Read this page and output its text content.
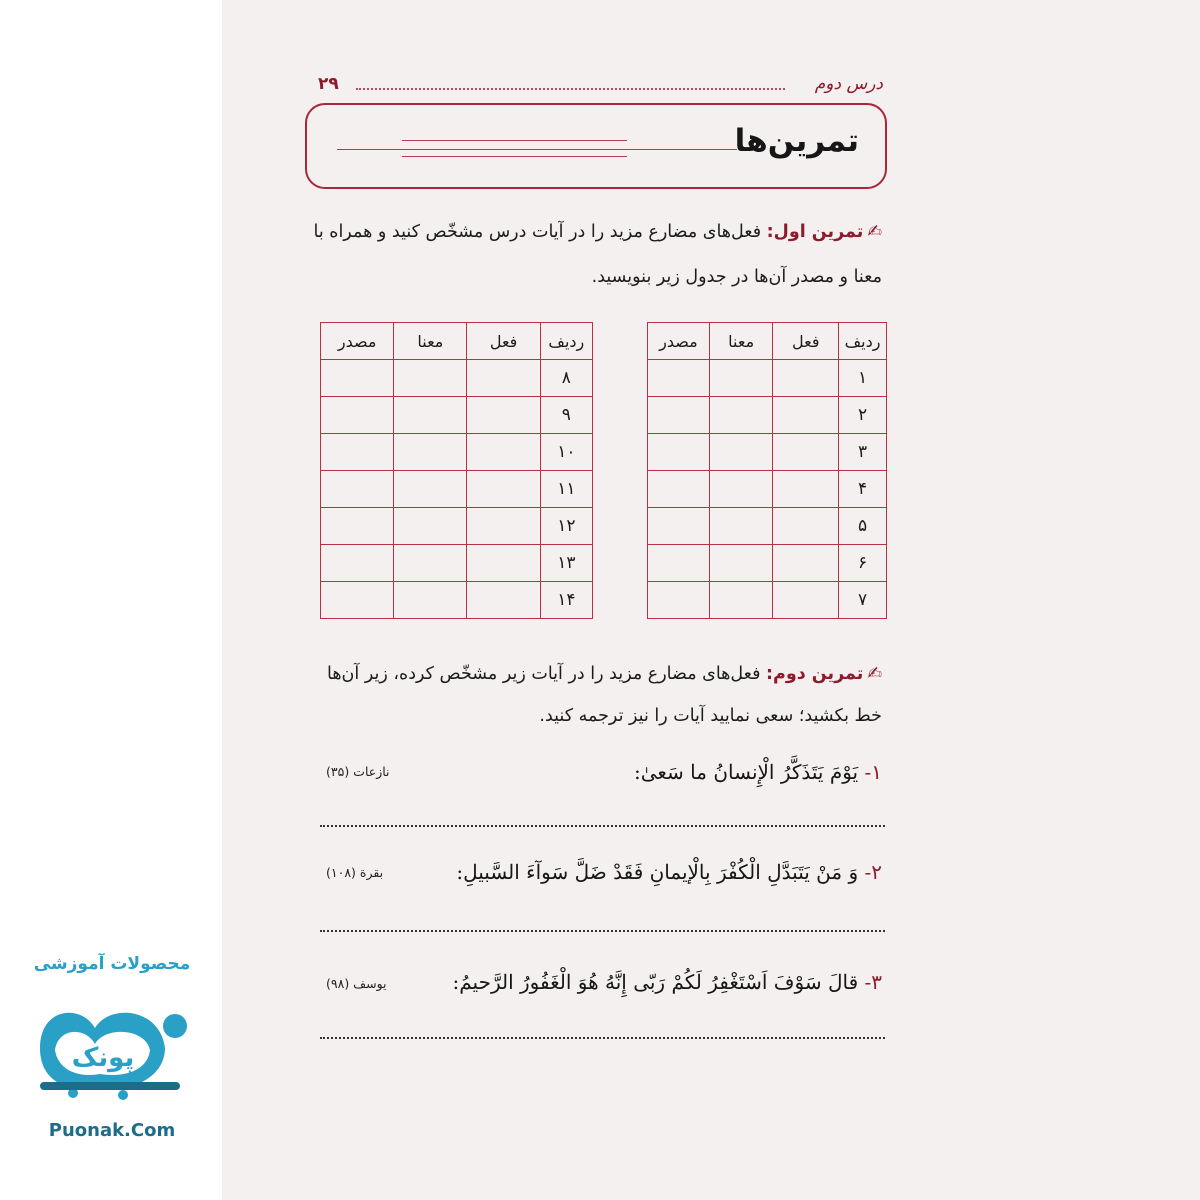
درس دوم
۲۹
تمرین‌ها
✍تمرین اول: فعل‌های مضارع مزید را در آیات درس مشخّص کنید و همراه با
معنا و مصدر آن‌ها در جدول زیر بنویسید.
ردیف	فعل	معنا	مصدر
۸			
۹			
۱۰			
۱۱			
۱۲			
۱۳			
۱۴			
ردیف	فعل	معنا	مصدر
۱			
۲			
۳			
۴			
۵			
۶			
۷			
✍تمرین دوم: فعل‌های مضارع مزید را در آیات زیر مشخّص کرده، زیر آن‌ها
خط بکشید؛ سعی نمایید آیات را نیز ترجمه کنید.
۱- یَوْمَ یَتَذَكَّرُ الْإِنسانُ ما سَعیٰ:
نازعات (۳۵)
۲- وَ مَنْ یَتَبَدَّلِ الْكُفْرَ بِالْإیمانِ فَقَدْ ضَلَّ سَوآءَ السَّبیلِ:
بقرة (۱۰۸)
۳- قالَ سَوْفَ اَسْتَغْفِرُ لَكُمْ رَبّی إِنَّهُ هُوَ الْغَفُورُ الرَّحیمُ:
یوسف (۹۸)
محصولات آموزشی
پونک
Puonak.Com
